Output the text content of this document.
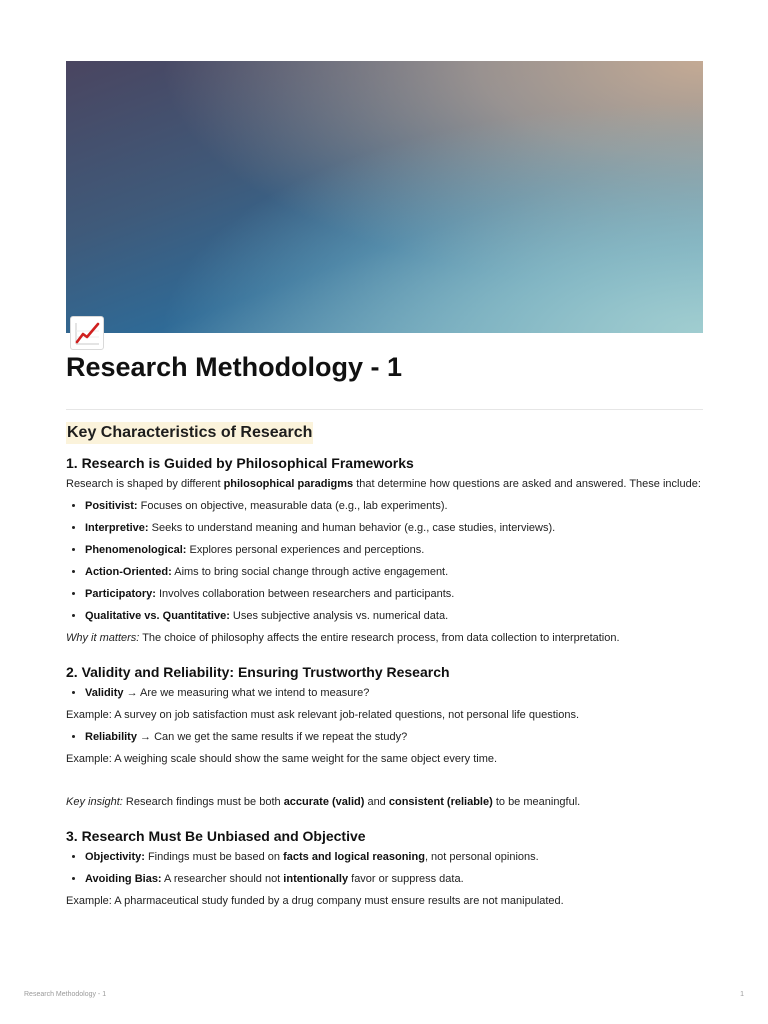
Research Methodology - 1
Key Characteristics of Research
1. Research is Guided by Philosophical Frameworks

Research is shaped by different philosophical paradigms that determine how questions are asked and answered. These include:

• Positivist: Focuses on objective, measurable data (e.g., lab experiments).
• Interpretive: Seeks to understand meaning and human behavior (e.g., case studies, interviews).
• Phenomenological: Explores personal experiences and perceptions.
• Action-Oriented: Aims to bring social change through active engagement.
• Participatory: Involves collaboration between researchers and participants.
• Qualitative vs. Quantitative: Uses subjective analysis vs. numerical data.

Why it matters: The choice of philosophy affects the entire research process, from data collection to interpretation.

2. Validity and Reliability: Ensuring Trustworthy Research
• Validity → Are we measuring what we intend to measure?

Example: A survey on job satisfaction must ask relevant job-related questions, not personal life questions.

• Reliability → Can we get the same results if we repeat the study?

Example: A weighing scale should show the same weight for the same object every time.

Key insight: Research findings must be both accurate (valid) and consistent (reliable) to be meaningful.

3. Research Must Be Unbiased and Objective
• Objectivity: Findings must be based on facts and logical reasoning, not personal opinions.
• Avoiding Bias: A researcher should not intentionally favor or suppress data.

Example: A pharmaceutical study funded by a drug company must ensure results are not manipulated.

Research Methodology - 1	1
